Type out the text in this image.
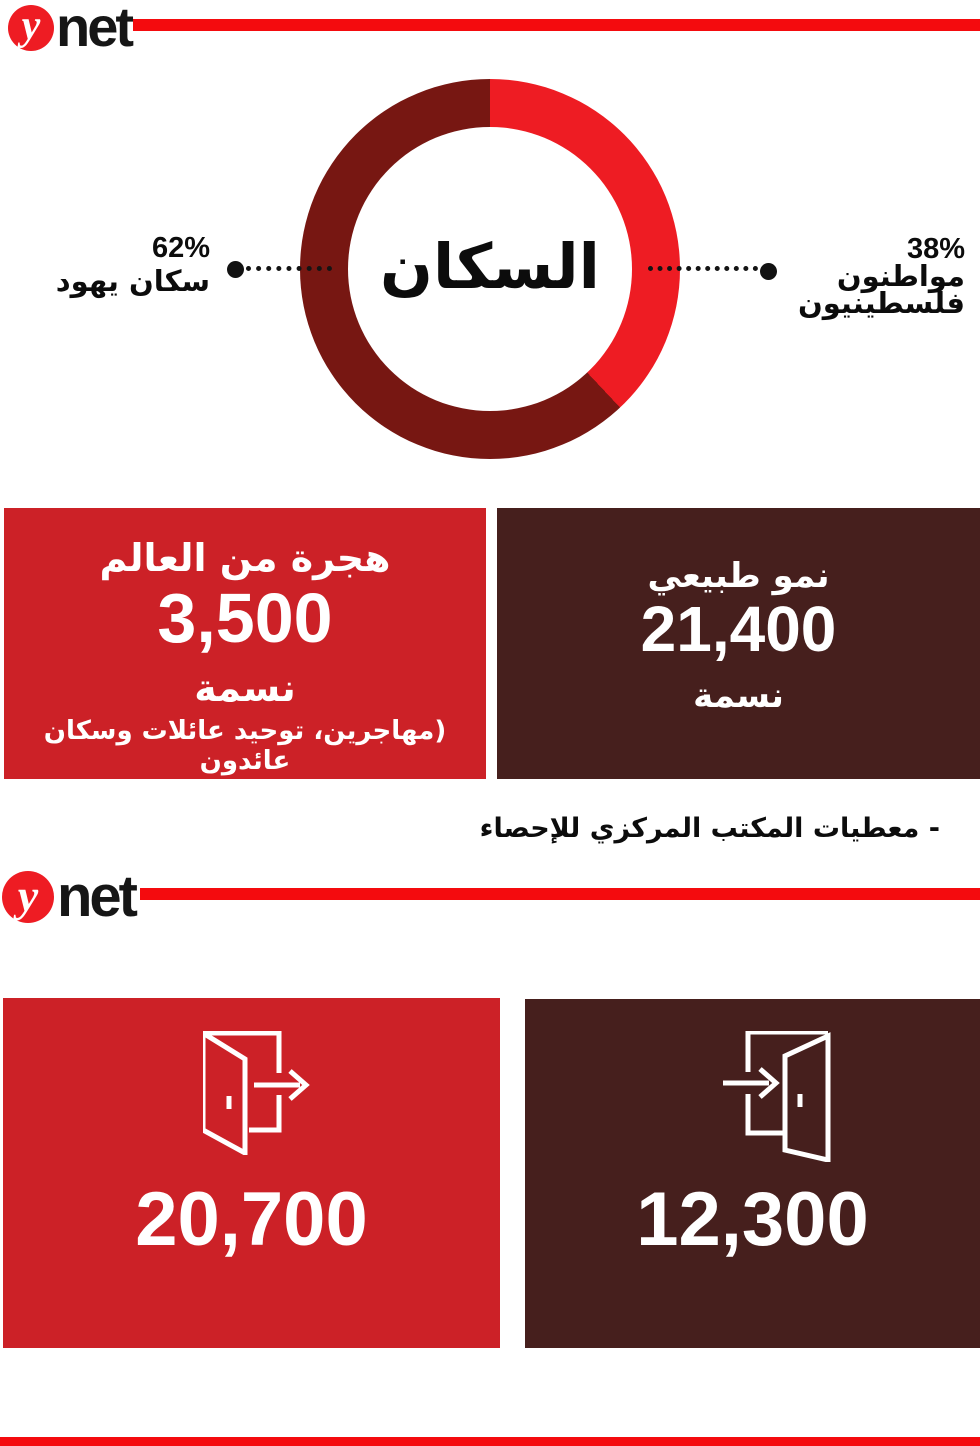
y net
السكان
62%
سكان يهود
38%
مواطنون
فلسطينيون
هجرة من العالم
3,500
نسمة
(مهاجرين، توحيد عائلات وسكان عائدون
نمو طبيعي
21,400
نسمة
- معطيات المكتب المركزي للإحصاء
y net
20,700	12,300
